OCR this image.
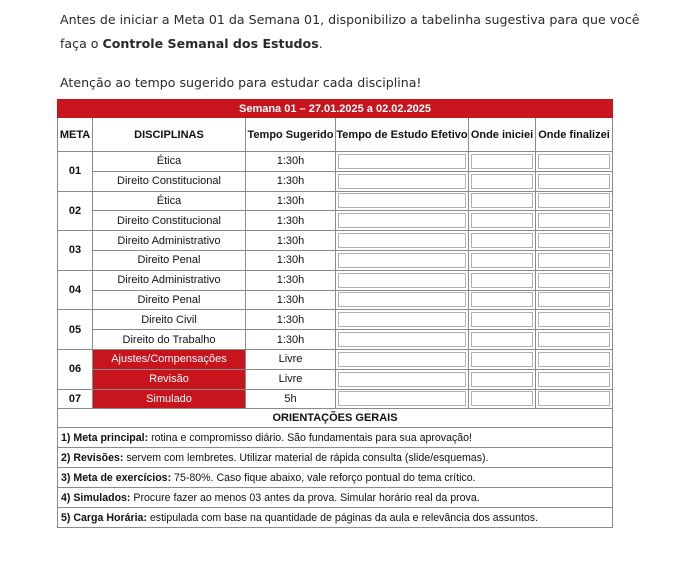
Antes de iniciar a Meta 01 da Semana 01, disponibilizo a tabelinha sugestiva para que você faça o Controle Semanal dos Estudos.

Atenção ao tempo sugerido para estudar cada disciplina!

Semana 01 – 27.01.2025 a 02.02.2025					
META	DISCIPLINAS	Tempo Sugerido	Tempo de Estudo Efetivo	Onde iniciei	Onde finalizei
01	Ética	1:30h	

	Direito Constitucional	1:30h	

02	Ética	1:30h	

	Direito Constitucional	1:30h	

03	Direito Administrativo	1:30h	

	Direito Penal	1:30h	

04	Direito Administrativo	1:30h	

	Direito Penal	1:30h	

05	Direito Civil	1:30h	

	Direito do Trabalho	1:30h	

06	Ajustes/Compensações	Livre	

	Revisão	Livre	

07	Simulado	5h	

ORIENTAÇÕES GERAIS					
1) Meta principal: rotina e compromisso diário. São fundamentais para sua aprovação!					
2) Revisões: servem com lembretes. Utilizar material de rápida consulta (slide/esquemas).					
3) Meta de exercícios: 75-80%. Caso fique abaixo, vale reforço pontual do tema crítico.					
4) Simulados: Procure fazer ao menos 03 antes da prova. Simular horário real da prova.					
5) Carga Horária: estipulada com base na quantidade de páginas da aula e relevância dos assuntos.					
